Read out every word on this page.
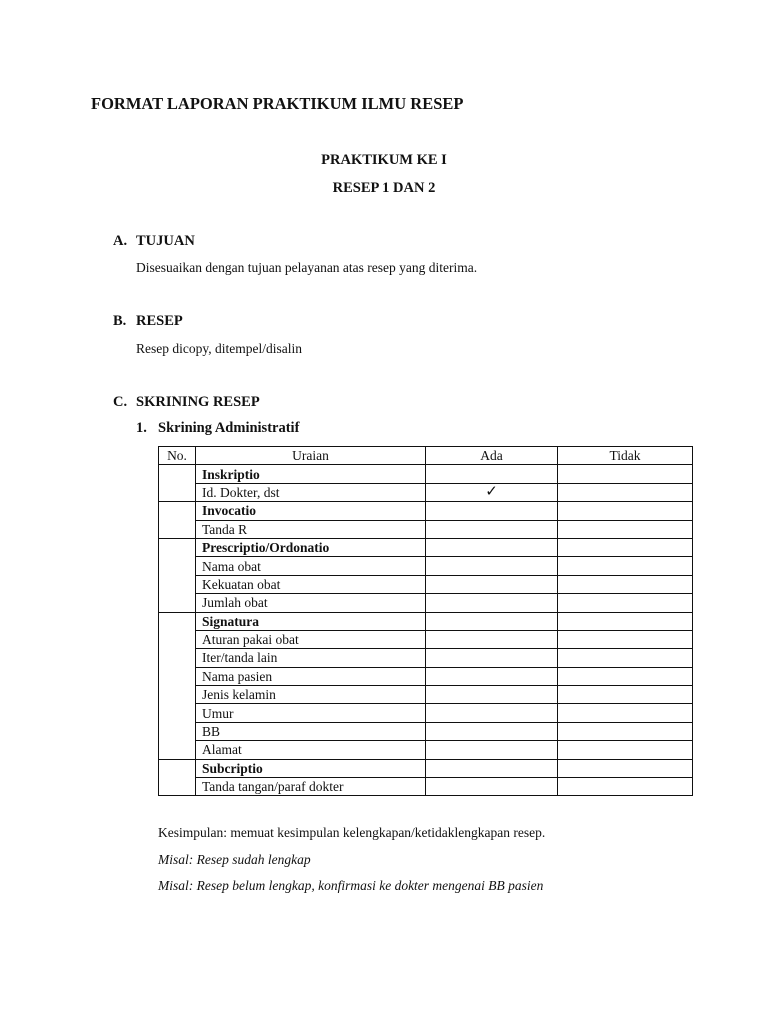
FORMAT LAPORAN PRAKTIKUM ILMU RESEP
PRAKTIKUM KE I
RESEP 1 DAN 2
A. TUJUAN
Disesuaikan dengan tujuan pelayanan atas resep yang diterima.
B. RESEP
Resep dicopy, ditempel/disalin
C. SKRINING RESEP
1. Skrining Administratif
No.	Uraian	Ada	Tidak
	Inskriptio		
	Id. Dokter, dst	✓	
	Invocatio		
	Tanda R		
	Prescriptio/Ordonatio		
	Nama obat		
	Kekuatan obat		
	Jumlah obat		
	Signatura		
	Aturan pakai obat		
	Iter/tanda lain		
	Nama pasien		
	Jenis kelamin		
	Umur		
	BB		
	Alamat		
	Subcriptio		
	Tanda tangan/paraf dokter		
Kesimpulan: memuat kesimpulan kelengkapan/ketidaklengkapan resep.
Misal: Resep sudah lengkap
Misal: Resep belum lengkap, konfirmasi ke dokter mengenai BB pasien
